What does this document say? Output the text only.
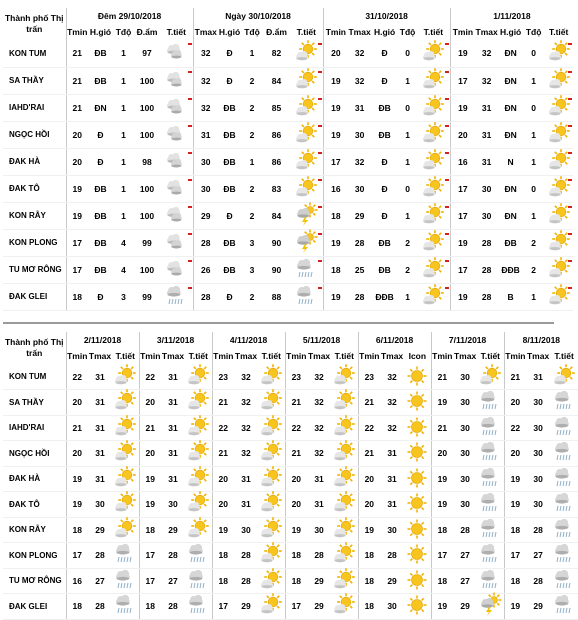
Thành phố Thị trấn	Đêm 29/10/2018					Ngày 30/10/2018					31/10/2018					1/11/2018				
	Tmin	H.gió	Tđộ	Đ.ẩm	T.tiết	Tmax	H.gió	Tđộ	Đ.ẩm	T.tiết	Tmin	Tmax	H.gió	Tđộ	T.tiết	Tmin	Tmax	H.gió	Tđộ	T.tiết
KON TUM	21	ĐB	1	97		32	Đ	1	82		20	32	Đ	0		19	32	ĐN	0	

SA THẦY	21	ĐB	1	100		32	Đ	2	84		19	32	Đ	1		17	32	ĐN	1	

IAHD'RAI	21	ĐN	1	100		32	ĐB	2	85		19	31	ĐB	0		19	31	ĐN	0	

NGỌC HỒI	20	Đ	1	100		31	ĐB	2	86		19	30	ĐB	1		20	31	ĐN	1	

ĐAK HÀ	20	Đ	1	98		30	ĐB	1	86		17	32	Đ	1		16	31	N	1	

ĐAK TÔ	19	ĐB	1	100		30	ĐB	2	83		16	30	Đ	0		17	30	ĐN	0	

KON RẪY	19	ĐB	1	100		29	Đ	2	84		18	29	Đ	1		17	30	ĐN	1	

KON PLONG	17	ĐB	4	99		28	ĐB	3	90		19	28	ĐB	2		19	28	ĐB	2	

TU MƠ RÔNG	17	ĐB	4	100		26	ĐB	3	90		18	25	ĐB	2		17	28	ĐĐB	2	

ĐAK GLEI	18	Đ	3	99		28	Đ	2	88		19	28	ĐĐB	1		19	28	B	1	
Thành phố Thị trấn	2/11/2018			3/11/2018			4/11/2018			5/11/2018			6/11/2018			7/11/2018			8/11/2018		
	Tmin	Tmax	T.tiết	Tmin	Tmax	T.tiết	Tmin	Tmax	T.tiết	Tmin	Tmax	T.tiết	Tmin	Tmax	Icon	Tmin	Tmax	T.tiết	Tmin	Tmax	T.tiết
KON TUM	22	31		22	31		23	32		23	32		23	32		21	30		21	31	
SA THẦY	20	31		20	31		21	32		21	32		21	32		19	30		20	30	
IAHD'RAI	21	31		21	31		22	32		22	32		22	32		21	30		22	30	
NGỌC HỒI	20	31		20	31		21	32		21	32		21	31		20	30		20	30	
ĐAK HÀ	19	31		19	31		20	31		20	31		20	31		19	30		19	30	
ĐAK TÔ	19	30		19	30		20	31		20	31		20	31		19	30		19	30	
KON RẪY	18	29		18	29		19	30		19	30		19	30		18	28		18	28	
KON PLONG	17	28		17	28		18	28		18	28		18	28		17	27		17	27	
TU MƠ RÔNG	16	27		17	27		18	28		18	29		18	29		18	27		18	28	
ĐAK GLEI	18	28		18	28		17	29		17	29		18	30		19	29		19	29	
